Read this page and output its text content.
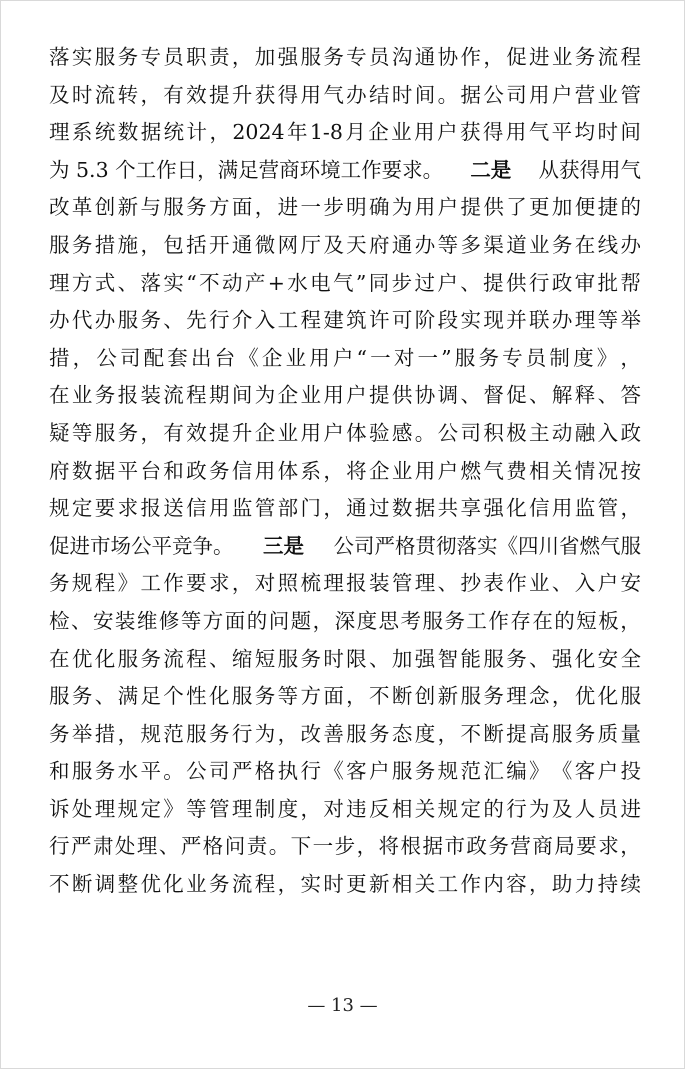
落 实 服 务 专 员 职 责 ， 加 强 服 务 专 员 沟 通 协 作 ， 促 进 业 务 流 程
及 时 流 转 ， 有 效 提 升 获 得 用 气 办 结 时 间 。 据 公 司 用 户 营 业 管
理 系 统 数 据 统 计 ， 2024 年 1-8 月 企 业 用 户 获 得 用 气 平 均 时 间
为 5.3 个工作日，满足营商环境工作要求。 二是 从获得用气
改 革 创 新 与 服 务 方 面 ， 进 一 步 明 确 为 用 户 提 供 了 更 加 便 捷 的
服 务 措 施 ， 包 括 开 通 微 网 厅 及 天 府 通 办 等 多 渠 道 业 务 在 线 办
理 方 式 、 落 实 “ 不 动 产 + 水 电 气 ” 同 步 过 户 、 提 供 行 政 审 批 帮
办 代 办 服 务 、 先 行 介 入 工 程 建 筑 许 可 阶 段 实 现 并 联 办 理 等 举
措 ， 公 司 配 套 出 台 《 企 业 用 户 “ 一 对 一 ” 服 务 专 员 制 度 》 ，
在 业 务 报 装 流 程 期 间 为 企 业 用 户 提 供 协 调 、 督 促 、 解 释 、 答
疑 等 服 务 ， 有 效 提 升 企 业 用 户 体 验 感 。 公 司 积 极 主 动 融 入 政
府 数 据 平 台 和 政 务 信 用 体 系 ， 将 企 业 用 户 燃 气 费 相 关 情 况 按
规 定 要 求 报 送 信 用 监 管 部 门 ， 通 过 数 据 共 享 强 化 信 用 监 管 ，
促进市场公平竞争。 三是 公司严格贯彻落实《四川省燃气服
务 规 程 》 工 作 要 求 ， 对 照 梳 理 报 装 管 理 、 抄 表 作 业 、 入 户 安
检 、 安 装 维 修 等 方 面 的 问 题 ， 深 度 思 考 服 务 工 作 存 在 的 短 板 ，
在 优 化 服 务 流 程 、 缩 短 服 务 时 限 、 加 强 智 能 服 务 、 强 化 安 全
服 务 、 满 足 个 性 化 服 务 等 方 面 ， 不 断 创 新 服 务 理 念 ， 优 化 服
务 举 措 ， 规 范 服 务 行 为 ， 改 善 服 务 态 度 ， 不 断 提 高 服 务 质 量
和 服 务 水 平 。 公 司 严 格 执 行 《 客 户 服 务 规 范 汇 编 》 《 客 户 投
诉 处 理 规 定 》 等 管 理 制 度 ， 对 违 反 相 关 规 定 的 行 为 及 人 员 进
行 严 肃 处 理 、 严 格 问 责 。 下 一 步 ， 将 根 据 市 政 务 营 商 局 要 求 ，
不 断 调 整 优 化 业 务 流 程 ， 实 时 更 新 相 关 工 作 内 容 ， 助 力 持 续
— 13 —
